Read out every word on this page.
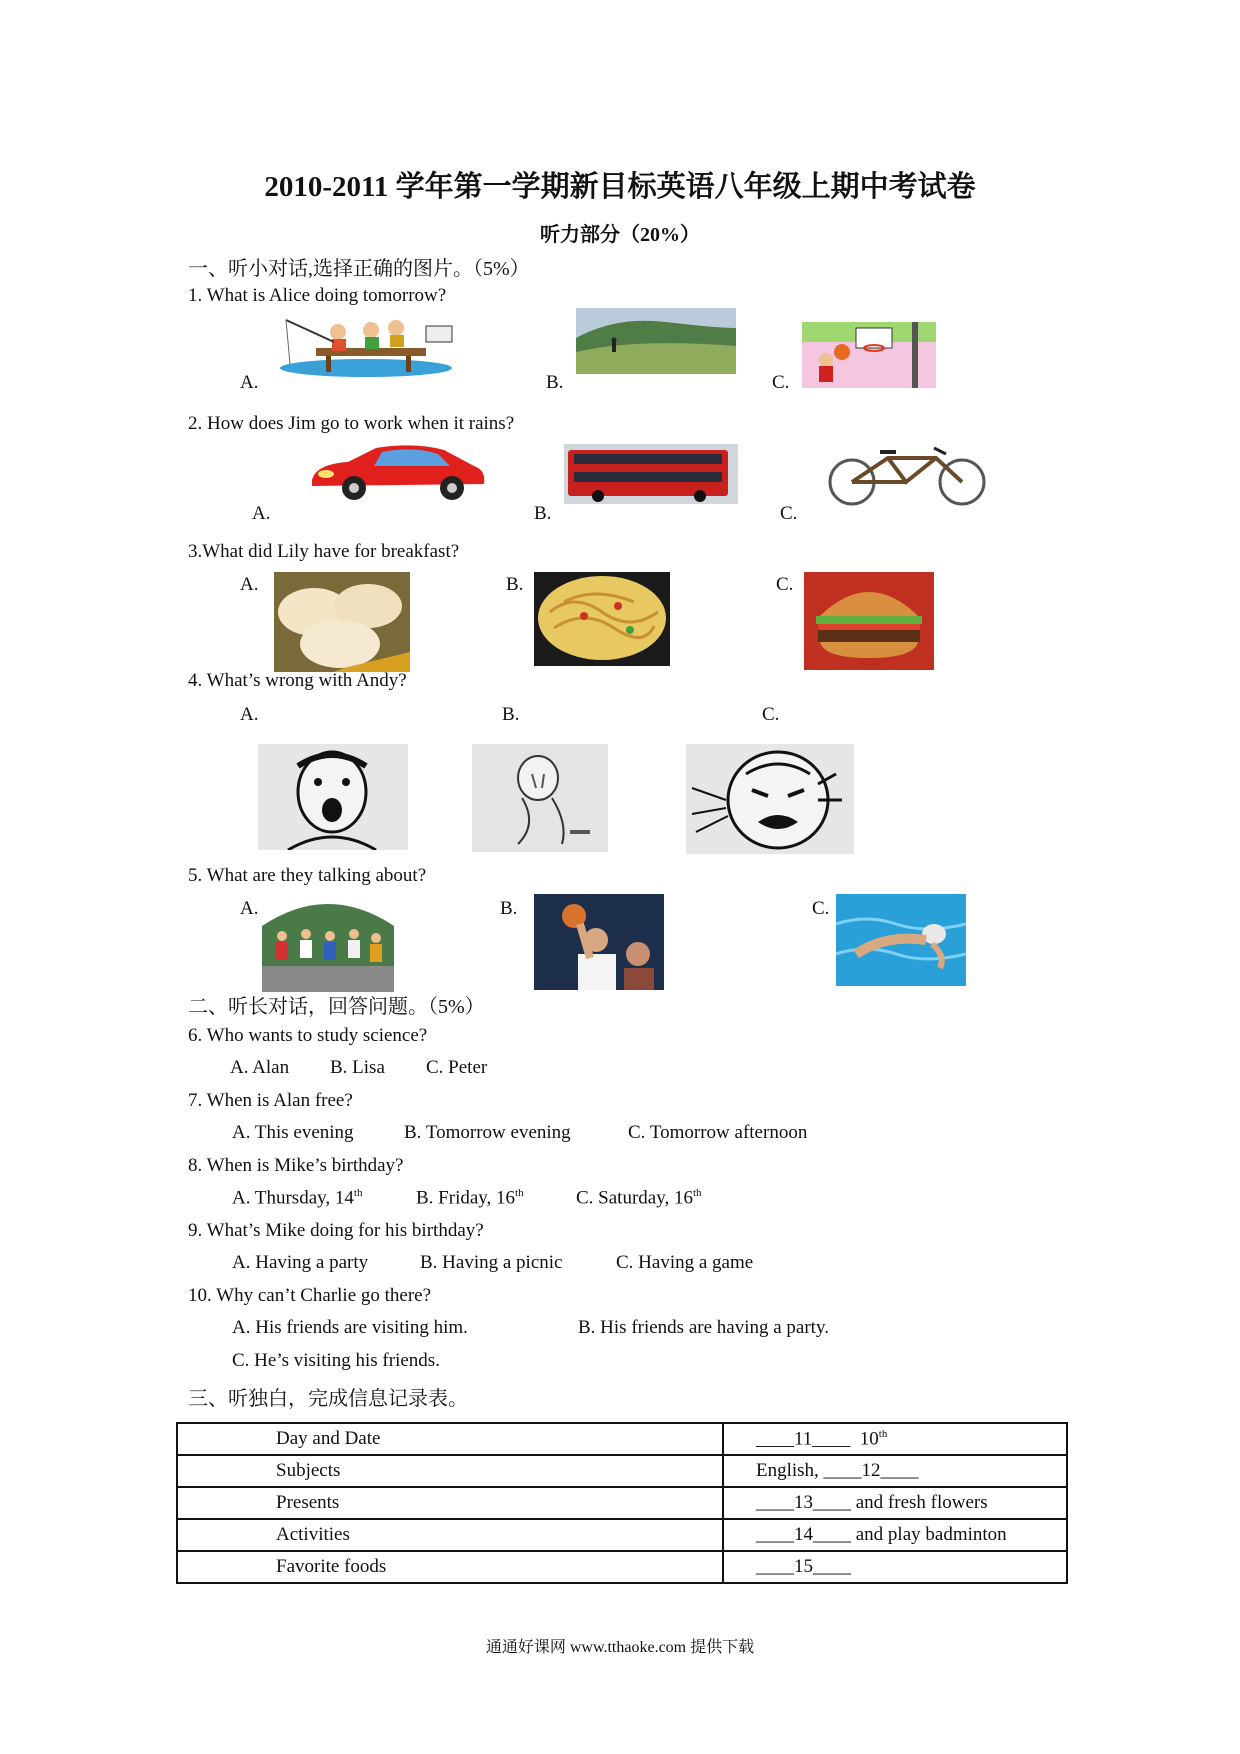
2010-2011 学年第一学期新目标英语八年级上期中考试卷
听力部分（20%）
一、听小对话,选择正确的图片。（5%）
1. What is Alice doing tomorrow?
A.	B.	C.
2. How does Jim go to work when it rains?
A.	B.	C.
3.What did Lily have for breakfast?
A.	B.	C.
4. What’s wrong with Andy?
A.	B.	C.
5. What are they talking about?
A.	B.	C.
二、听长对话，回答问题。（5%）
6. Who wants to study science?
A. Alan B. Lisa C. Peter
7. When is Alan free?
A. This evening	B. Tomorrow evening	C. Tomorrow afternoon
8. When is Mike’s birthday?
A. Thursday, 14th	B. Friday, 16th	C. Saturday, 16th
9. What’s Mike doing for his birthday?
A. Having a party	B. Having a picnic	C. Having a game
10. Why can’t Charlie go there?
A. His friends are visiting him.	B. His friends are having a party.
C. He’s visiting his friends.
三、听独白，完成信息记录表。
Day and Date	____11____  10th
Subjects	English, ____12____
Presents	____13____ and fresh flowers
Activities	____14____ and play badminton
Favorite foods	____15____
通通好课网 www.tthaoke.com 提供下载
